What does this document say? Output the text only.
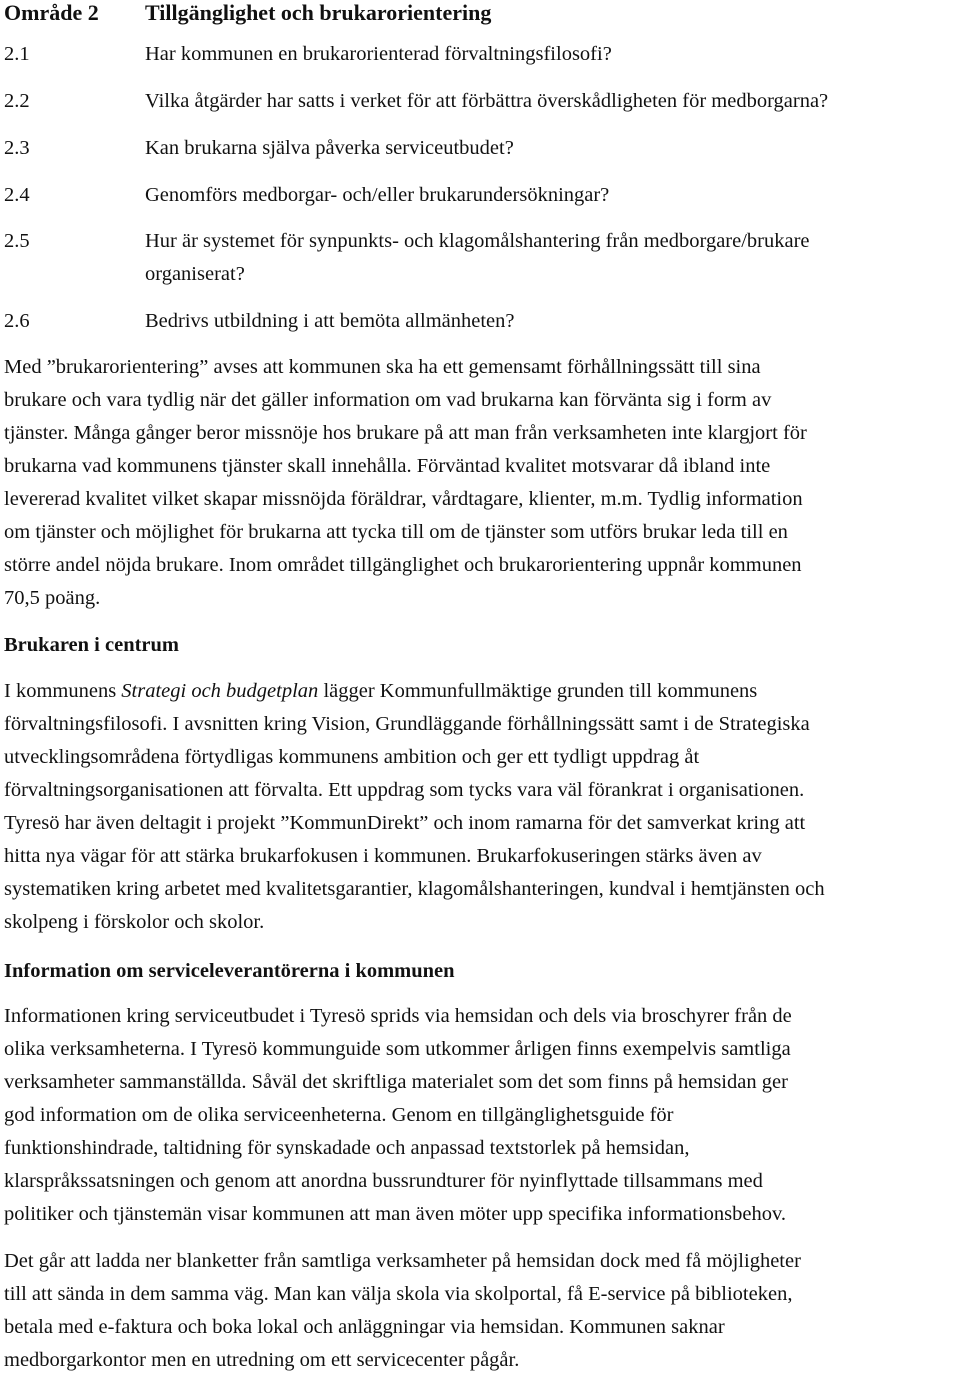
Område 2 Tillgänglighet och brukarorientering
2.1	Har kommunen en brukarorienterad förvaltningsfilosofi?
2.2	Vilka åtgärder har satts i verket för att förbättra överskådligheten för medborgarna?
2.3	Kan brukarna själva påverka serviceutbudet?
2.4	Genomförs medborgar- och/eller brukarundersökningar?
2.5	Hur är systemet för synpunkts- och klagomålshantering från medborgare/brukare
organiserat?
2.6	Bedrivs utbildning i att bemöta allmänheten?
Med ”brukarorientering” avses att kommunen ska ha ett gemensamt förhållningssätt till sina
brukare och vara tydlig när det gäller information om vad brukarna kan förvänta sig i form av
tjänster. Många gånger beror missnöje hos brukare på att man från verksamheten inte klargjort för
brukarna vad kommunens tjänster skall innehålla. Förväntad kvalitet motsvarar då ibland inte
levererad kvalitet vilket skapar missnöjda föräldrar, vårdtagare, klienter, m.m. Tydlig information
om tjänster och möjlighet för brukarna att tycka till om de tjänster som utförs brukar leda till en
större andel nöjda brukare. Inom området tillgänglighet och brukarorientering uppnår kommunen
70,5 poäng.
Brukaren i centrum
I kommunens Strategi och budgetplan lägger Kommunfullmäktige grunden till kommunens
förvaltningsfilosofi. I avsnitten kring Vision, Grundläggande förhållningssätt samt i de Strategiska
utvecklingsområdena förtydligas kommunens ambition och ger ett tydligt uppdrag åt
förvaltningsorganisationen att förvalta. Ett uppdrag som tycks vara väl förankrat i organisationen.
Tyresö har även deltagit i projekt ”KommunDirekt” och inom ramarna för det samverkat kring att
hitta nya vägar för att stärka brukarfokusen i kommunen. Brukarfokuseringen stärks även av
systematiken kring arbetet med kvalitetsgarantier, klagomålshanteringen, kundval i hemtjänsten och
skolpeng i förskolor och skolor.
Information om serviceleverantörerna i kommunen
Informationen kring serviceutbudet i Tyresö sprids via hemsidan och dels via broschyrer från de
olika verksamheterna. I Tyresö kommunguide som utkommer årligen finns exempelvis samtliga
verksamheter sammanställda. Såväl det skriftliga materialet som det som finns på hemsidan ger
god information om de olika serviceenheterna. Genom en tillgänglighetsguide för
funktionshindrade, taltidning för synskadade och anpassad textstorlek på hemsidan,
klarspråkssatsningen och genom att anordna bussrundturer för nyinflyttade tillsammans med
politiker och tjänstemän visar kommunen att man även möter upp specifika informationsbehov.
Det går att ladda ner blanketter från samtliga verksamheter på hemsidan dock med få möjligheter
till att sända in dem samma väg. Man kan välja skola via skolportal, få E-service på biblioteken,
betala med e-faktura och boka lokal och anläggningar via hemsidan. Kommunen saknar
medborgarkontor men en utredning om ett servicecenter pågår.
